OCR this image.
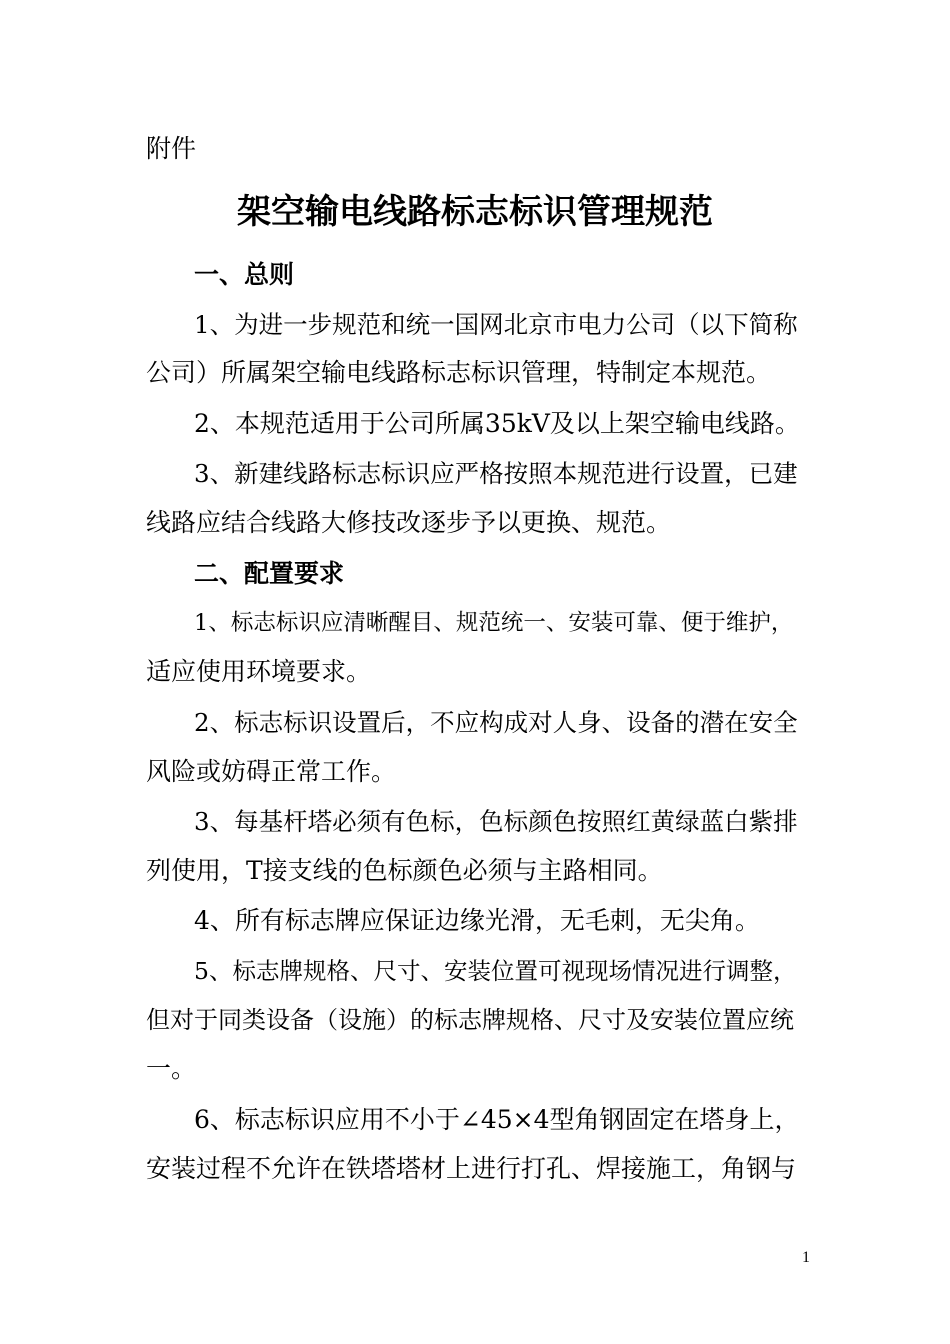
附件

架空输电线路标志标识管理规范

一、总则

1、为进一步规范和统一国网北京市电力公司（以下简称

公司）所属架空输电线路标志标识管理，特制定本规范。

2、本规范适用于公司所属35kV及以上架空输电线路。

3、新建线路标志标识应严格按照本规范进行设置，已建

线路应结合线路大修技改逐步予以更换、规范。

二、配置要求

1、标志标识应清晰醒目、规范统一、安装可靠、便于维护，

适应使用环境要求。

2、标志标识设置后，不应构成对人身、设备的潜在安全

风险或妨碍正常工作。

3、每基杆塔必须有色标，色标颜色按照红黄绿蓝白紫排

列使用，T接支线的色标颜色必须与主路相同。

4、所有标志牌应保证边缘光滑，无毛刺，无尖角。

5、标志牌规格、尺寸、安装位置可视现场情况进行调整，

但对于同类设备（设施）的标志牌规格、尺寸及安装位置应统

一。

6、标志标识应用不小于∠45×4型角钢固定在塔身上，

安装过程不允许在铁塔塔材上进行打孔、焊接施工，角钢与

1
